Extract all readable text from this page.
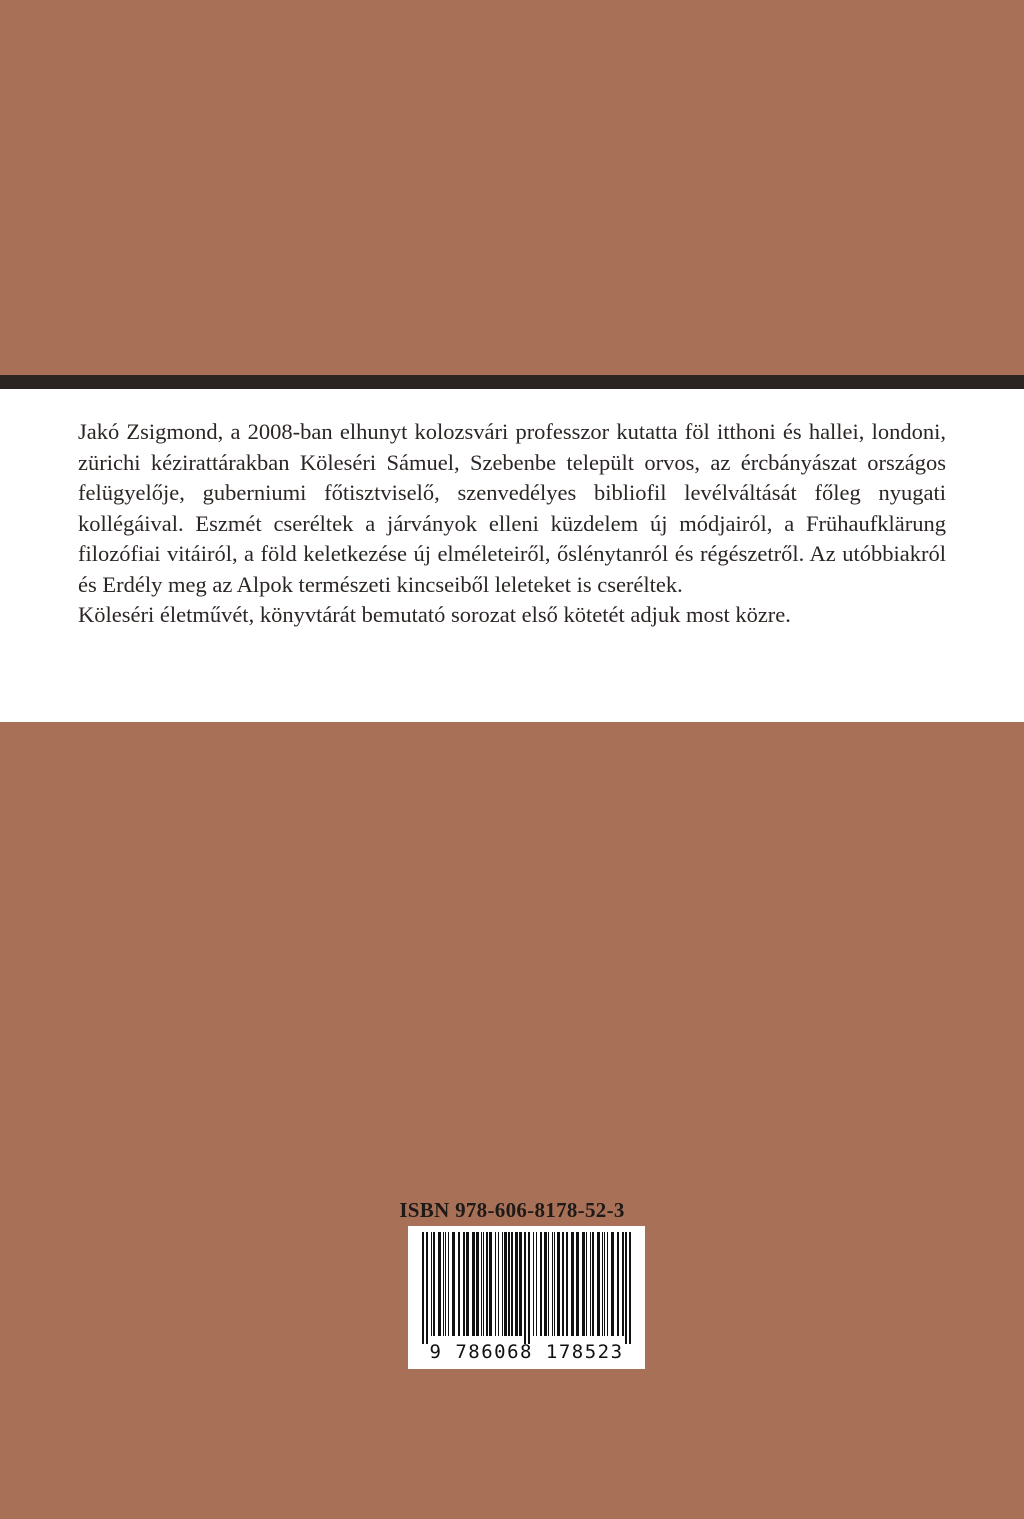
Jakó Zsigmond, a 2008-ban elhunyt kolozsvári professzor kutatta föl itthoni és hallei, londoni, zürichi kézirattárakban Köleséri Sámuel, Szebenbe települt orvos, az ércbányászat országos felügyelője, guberniumi főtisztviselő, szenvedélyes bibliofil levélváltását főleg nyugati kollégáival. Eszmét cseréltek a járványok elleni küzdelem új módjairól, a Frühaufklärung filozófiai vitáiról, a föld keletkezése új elméleteiről, őslénytanról és régészetről. Az utóbbiakról és Erdély meg az Alpok természeti kincseiből leleteket is cseréltek.
Köleséri életművét, könyvtárát bemutató sorozat első kötetét adjuk most közre.

ISBN 978-606-8178-52-3
9 786068 178523
